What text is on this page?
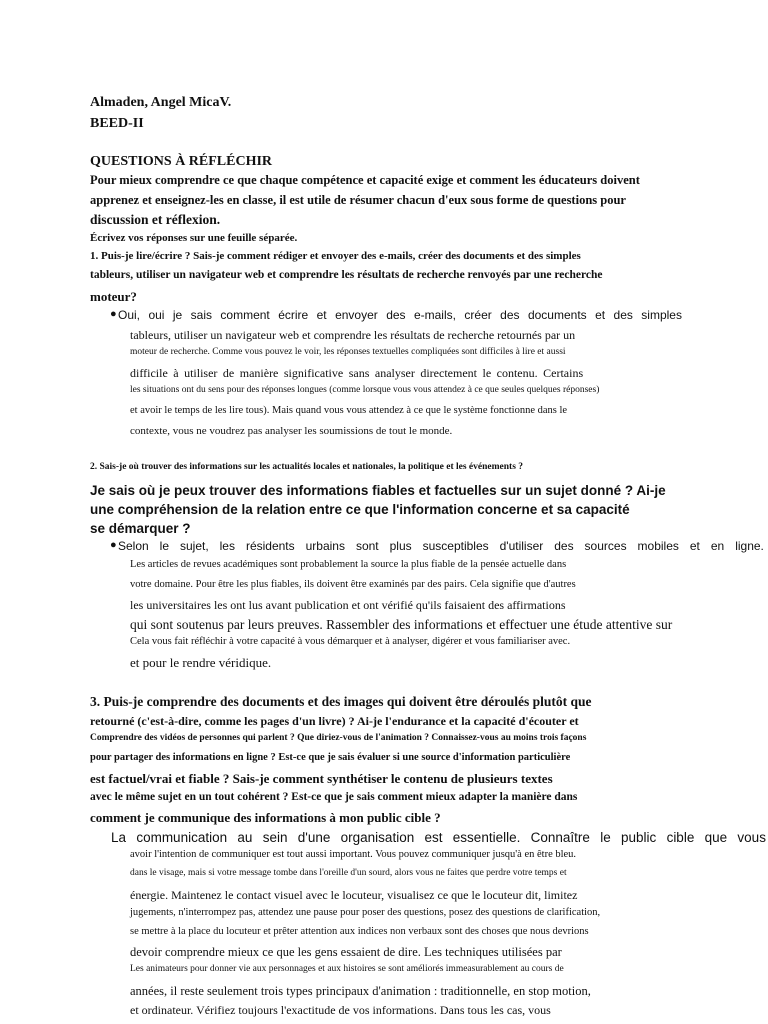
Almaden, Angel MicaV.
BEED-II
QUESTIONS À RÉFLÉCHIR
Pour mieux comprendre ce que chaque compétence et capacité exige et comment les éducateurs doivent
apprenez et enseignez-les en classe, il est utile de résumer chacun d'eux sous forme de questions pour
discussion et réflexion.
Écrivez vos réponses sur une feuille séparée.
1. Puis-je lire/écrire ? Sais-je comment rédiger et envoyer des e-mails, créer des documents et des simples
tableurs, utiliser un navigateur web et comprendre les résultats de recherche renvoyés par une recherche
moteur?
● Oui, oui je sais comment écrire et envoyer des e-mails, créer des documents et des simples
tableurs, utiliser un navigateur web et comprendre les résultats de recherche retournés par un
moteur de recherche. Comme vous pouvez le voir, les réponses textuelles compliquées sont difficiles à lire et aussi
difficile à utiliser de manière significative sans analyser directement le contenu. Certains
les situations ont du sens pour des réponses longues (comme lorsque vous vous attendez à ce que seules quelques réponses)
et avoir le temps de les lire tous). Mais quand vous vous attendez à ce que le système fonctionne dans le
contexte, vous ne voudrez pas analyser les soumissions de tout le monde.
2. Sais-je où trouver des informations sur les actualités locales et nationales, la politique et les événements ?
Je sais où je peux trouver des informations fiables et factuelles sur un sujet donné ? Ai-je
une compréhension de la relation entre ce que l'information concerne et sa capacité
se démarquer ?
● Selon le sujet, les résidents urbains sont plus susceptibles d'utiliser des sources mobiles et en ligne.
Les articles de revues académiques sont probablement la source la plus fiable de la pensée actuelle dans
votre domaine. Pour être les plus fiables, ils doivent être examinés par des pairs. Cela signifie que d'autres
les universitaires les ont lus avant publication et ont vérifié qu'ils faisaient des affirmations
qui sont soutenus par leurs preuves. Rassembler des informations et effectuer une étude attentive sur
Cela vous fait réfléchir à votre capacité à vous démarquer et à analyser, digérer et vous familiariser avec.
et pour le rendre véridique.
3. Puis-je comprendre des documents et des images qui doivent être déroulés plutôt que
retourné (c'est-à-dire, comme les pages d'un livre) ? Ai-je l'endurance et la capacité d'écouter et
Comprendre des vidéos de personnes qui parlent ? Que diriez-vous de l'animation ? Connaissez-vous au moins trois façons
pour partager des informations en ligne ? Est-ce que je sais évaluer si une source d'information particulière
est factuel/vrai et fiable ? Sais-je comment synthétiser le contenu de plusieurs textes
avec le même sujet en un tout cohérent ? Est-ce que je sais comment mieux adapter la manière dans
comment je communique des informations à mon public cible ?
La communication au sein d'une organisation est essentielle. Connaître le public cible que vous
avoir l'intention de communiquer est tout aussi important. Vous pouvez communiquer jusqu'à en être bleu.
dans le visage, mais si votre message tombe dans l'oreille d'un sourd, alors vous ne faites que perdre votre temps et
énergie. Maintenez le contact visuel avec le locuteur, visualisez ce que le locuteur dit, limitez
jugements, n'interrompez pas, attendez une pause pour poser des questions, posez des questions de clarification,
se mettre à la place du locuteur et prêter attention aux indices non verbaux sont des choses que nous devrions
devoir comprendre mieux ce que les gens essaient de dire. Les techniques utilisées par
Les animateurs pour donner vie aux personnages et aux histoires se sont améliorés immeasurablement au cours de
années, il reste seulement trois types principaux d'animation : traditionnelle, en stop motion,
et ordinateur. Vérifiez toujours l'exactitude de vos informations. Dans tous les cas, vous
